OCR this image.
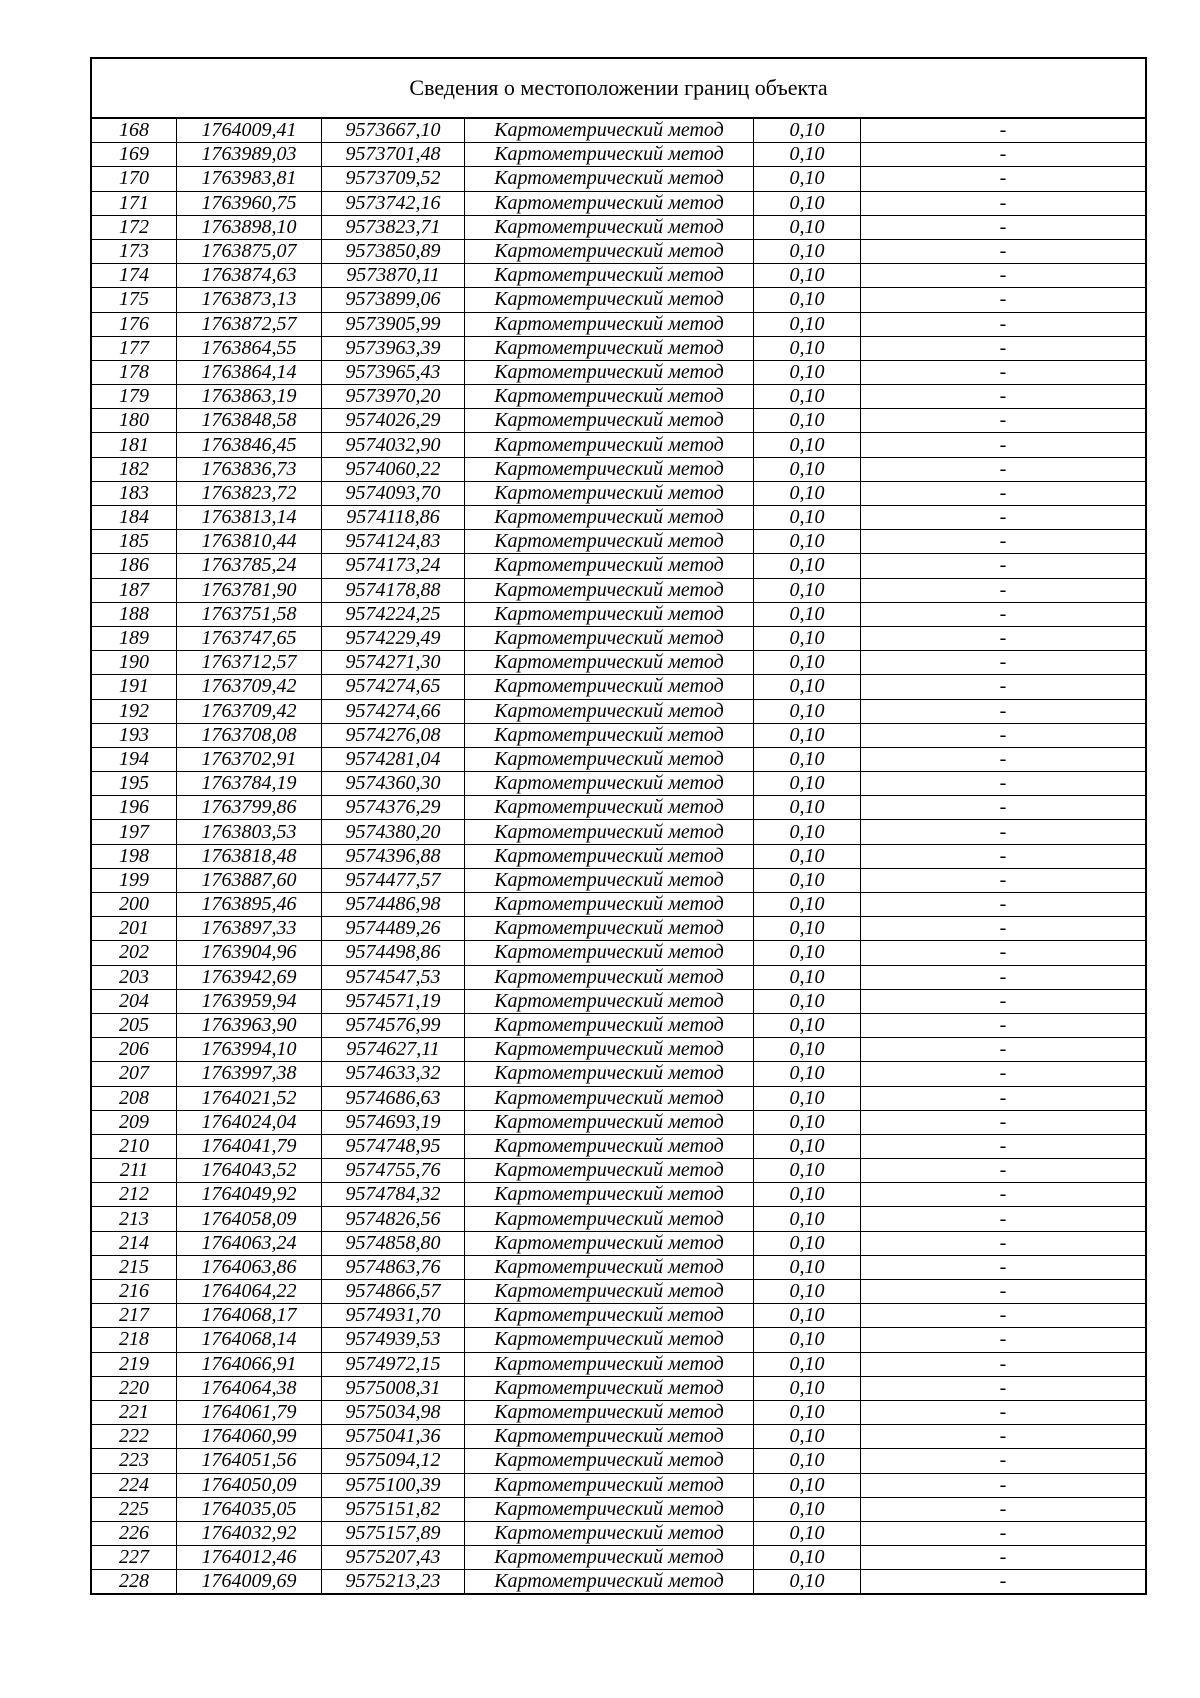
Сведения о местоположении границ объекта
168	1764009,41	9573667,10	Картометрический метод	0,10	-
169	1763989,03	9573701,48	Картометрический метод	0,10	-
170	1763983,81	9573709,52	Картометрический метод	0,10	-
171	1763960,75	9573742,16	Картометрический метод	0,10	-
172	1763898,10	9573823,71	Картометрический метод	0,10	-
173	1763875,07	9573850,89	Картометрический метод	0,10	-
174	1763874,63	9573870,11	Картометрический метод	0,10	-
175	1763873,13	9573899,06	Картометрический метод	0,10	-
176	1763872,57	9573905,99	Картометрический метод	0,10	-
177	1763864,55	9573963,39	Картометрический метод	0,10	-
178	1763864,14	9573965,43	Картометрический метод	0,10	-
179	1763863,19	9573970,20	Картометрический метод	0,10	-
180	1763848,58	9574026,29	Картометрический метод	0,10	-
181	1763846,45	9574032,90	Картометрический метод	0,10	-
182	1763836,73	9574060,22	Картометрический метод	0,10	-
183	1763823,72	9574093,70	Картометрический метод	0,10	-
184	1763813,14	9574118,86	Картометрический метод	0,10	-
185	1763810,44	9574124,83	Картометрический метод	0,10	-
186	1763785,24	9574173,24	Картометрический метод	0,10	-
187	1763781,90	9574178,88	Картометрический метод	0,10	-
188	1763751,58	9574224,25	Картометрический метод	0,10	-
189	1763747,65	9574229,49	Картометрический метод	0,10	-
190	1763712,57	9574271,30	Картометрический метод	0,10	-
191	1763709,42	9574274,65	Картометрический метод	0,10	-
192	1763709,42	9574274,66	Картометрический метод	0,10	-
193	1763708,08	9574276,08	Картометрический метод	0,10	-
194	1763702,91	9574281,04	Картометрический метод	0,10	-
195	1763784,19	9574360,30	Картометрический метод	0,10	-
196	1763799,86	9574376,29	Картометрический метод	0,10	-
197	1763803,53	9574380,20	Картометрический метод	0,10	-
198	1763818,48	9574396,88	Картометрический метод	0,10	-
199	1763887,60	9574477,57	Картометрический метод	0,10	-
200	1763895,46	9574486,98	Картометрический метод	0,10	-
201	1763897,33	9574489,26	Картометрический метод	0,10	-
202	1763904,96	9574498,86	Картометрический метод	0,10	-
203	1763942,69	9574547,53	Картометрический метод	0,10	-
204	1763959,94	9574571,19	Картометрический метод	0,10	-
205	1763963,90	9574576,99	Картометрический метод	0,10	-
206	1763994,10	9574627,11	Картометрический метод	0,10	-
207	1763997,38	9574633,32	Картометрический метод	0,10	-
208	1764021,52	9574686,63	Картометрический метод	0,10	-
209	1764024,04	9574693,19	Картометрический метод	0,10	-
210	1764041,79	9574748,95	Картометрический метод	0,10	-
211	1764043,52	9574755,76	Картометрический метод	0,10	-
212	1764049,92	9574784,32	Картометрический метод	0,10	-
213	1764058,09	9574826,56	Картометрический метод	0,10	-
214	1764063,24	9574858,80	Картометрический метод	0,10	-
215	1764063,86	9574863,76	Картометрический метод	0,10	-
216	1764064,22	9574866,57	Картометрический метод	0,10	-
217	1764068,17	9574931,70	Картометрический метод	0,10	-
218	1764068,14	9574939,53	Картометрический метод	0,10	-
219	1764066,91	9574972,15	Картометрический метод	0,10	-
220	1764064,38	9575008,31	Картометрический метод	0,10	-
221	1764061,79	9575034,98	Картометрический метод	0,10	-
222	1764060,99	9575041,36	Картометрический метод	0,10	-
223	1764051,56	9575094,12	Картометрический метод	0,10	-
224	1764050,09	9575100,39	Картометрический метод	0,10	-
225	1764035,05	9575151,82	Картометрический метод	0,10	-
226	1764032,92	9575157,89	Картометрический метод	0,10	-
227	1764012,46	9575207,43	Картометрический метод	0,10	-
228	1764009,69	9575213,23	Картометрический метод	0,10	-
